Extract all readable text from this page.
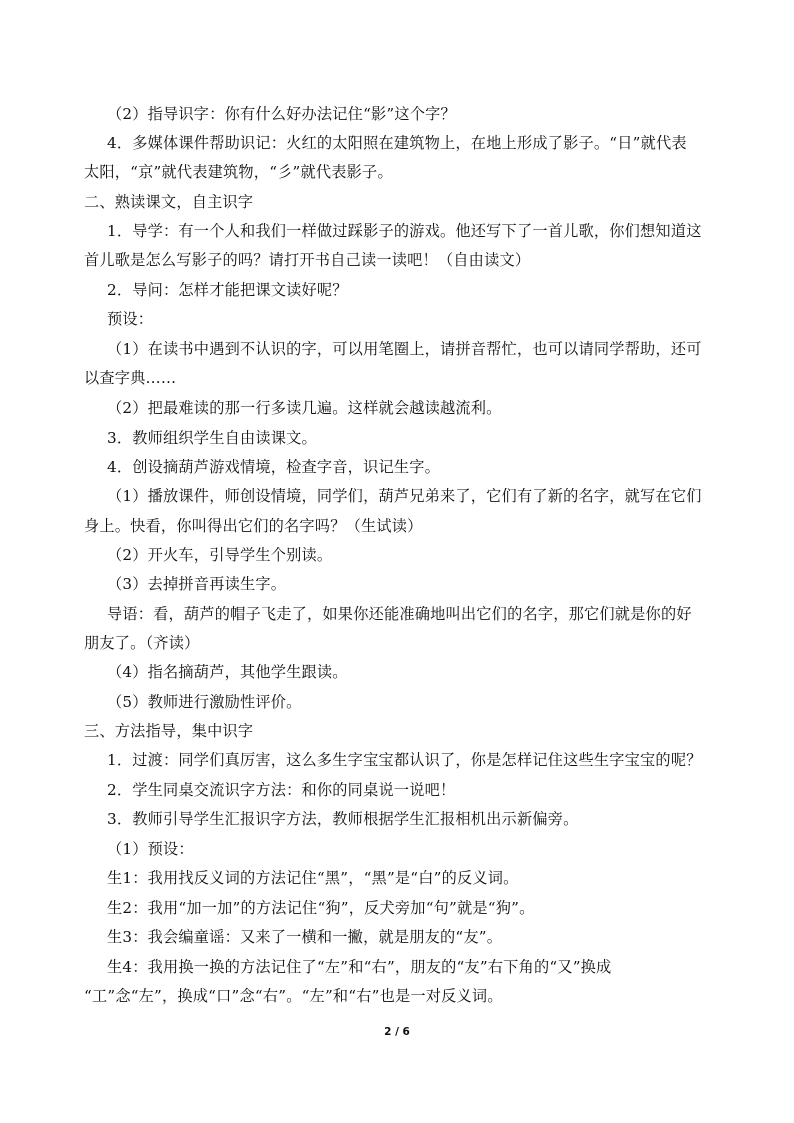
（2）指导识字：你有什么好办法记住“影”这个字？
4．多媒体课件帮助识记：火红的太阳照在建筑物上，在地上形成了影子。“日”就代表
太阳，“京”就代表建筑物，“彡”就代表影子。
二、熟读课文，自主识字
1．导学：有一个人和我们一样做过踩影子的游戏。他还写下了一首儿歌，你们想知道这
首儿歌是怎么写影子的吗？请打开书自己读一读吧！（自由读文）
2．导问：怎样才能把课文读好呢？
预设：
（1）在读书中遇到不认识的字，可以用笔圈上，请拼音帮忙，也可以请同学帮助，还可
以查字典……
（2）把最难读的那一行多读几遍。这样就会越读越流利。
3．教师组织学生自由读课文。
4．创设摘葫芦游戏情境，检查字音，识记生字。
（1）播放课件，师创设情境，同学们，葫芦兄弟来了，它们有了新的名字，就写在它们
身上。快看，你叫得出它们的名字吗？（生试读）
（2）开火车，引导学生个别读。
（3）去掉拼音再读生字。
导语：看，葫芦的帽子飞走了，如果你还能准确地叫出它们的名字，那它们就是你的好
朋友了。（齐读）
（4）指名摘葫芦，其他学生跟读。
（5）教师进行激励性评价。
三、方法指导，集中识字
1．过渡：同学们真厉害，这么多生字宝宝都认识了，你是怎样记住这些生字宝宝的呢？
2．学生同桌交流识字方法：和你的同桌说一说吧！
3．教师引导学生汇报识字方法，教师根据学生汇报相机出示新偏旁。
（1）预设：
生1：我用找反义词的方法记住“黑”，“黑”是“白”的反义词。
生2：我用“加一加”的方法记住“狗”，反犬旁加“句”就是“狗”。
生3：我会编童谣：又来了一横和一撇，就是朋友的“友”。
生4：我用换一换的方法记住了“左”和“右”，朋友的“友”右下角的“又”换成
“工”念“左”，换成“口”念“右”。“左”和“右”也是一对反义词。
2 / 6
